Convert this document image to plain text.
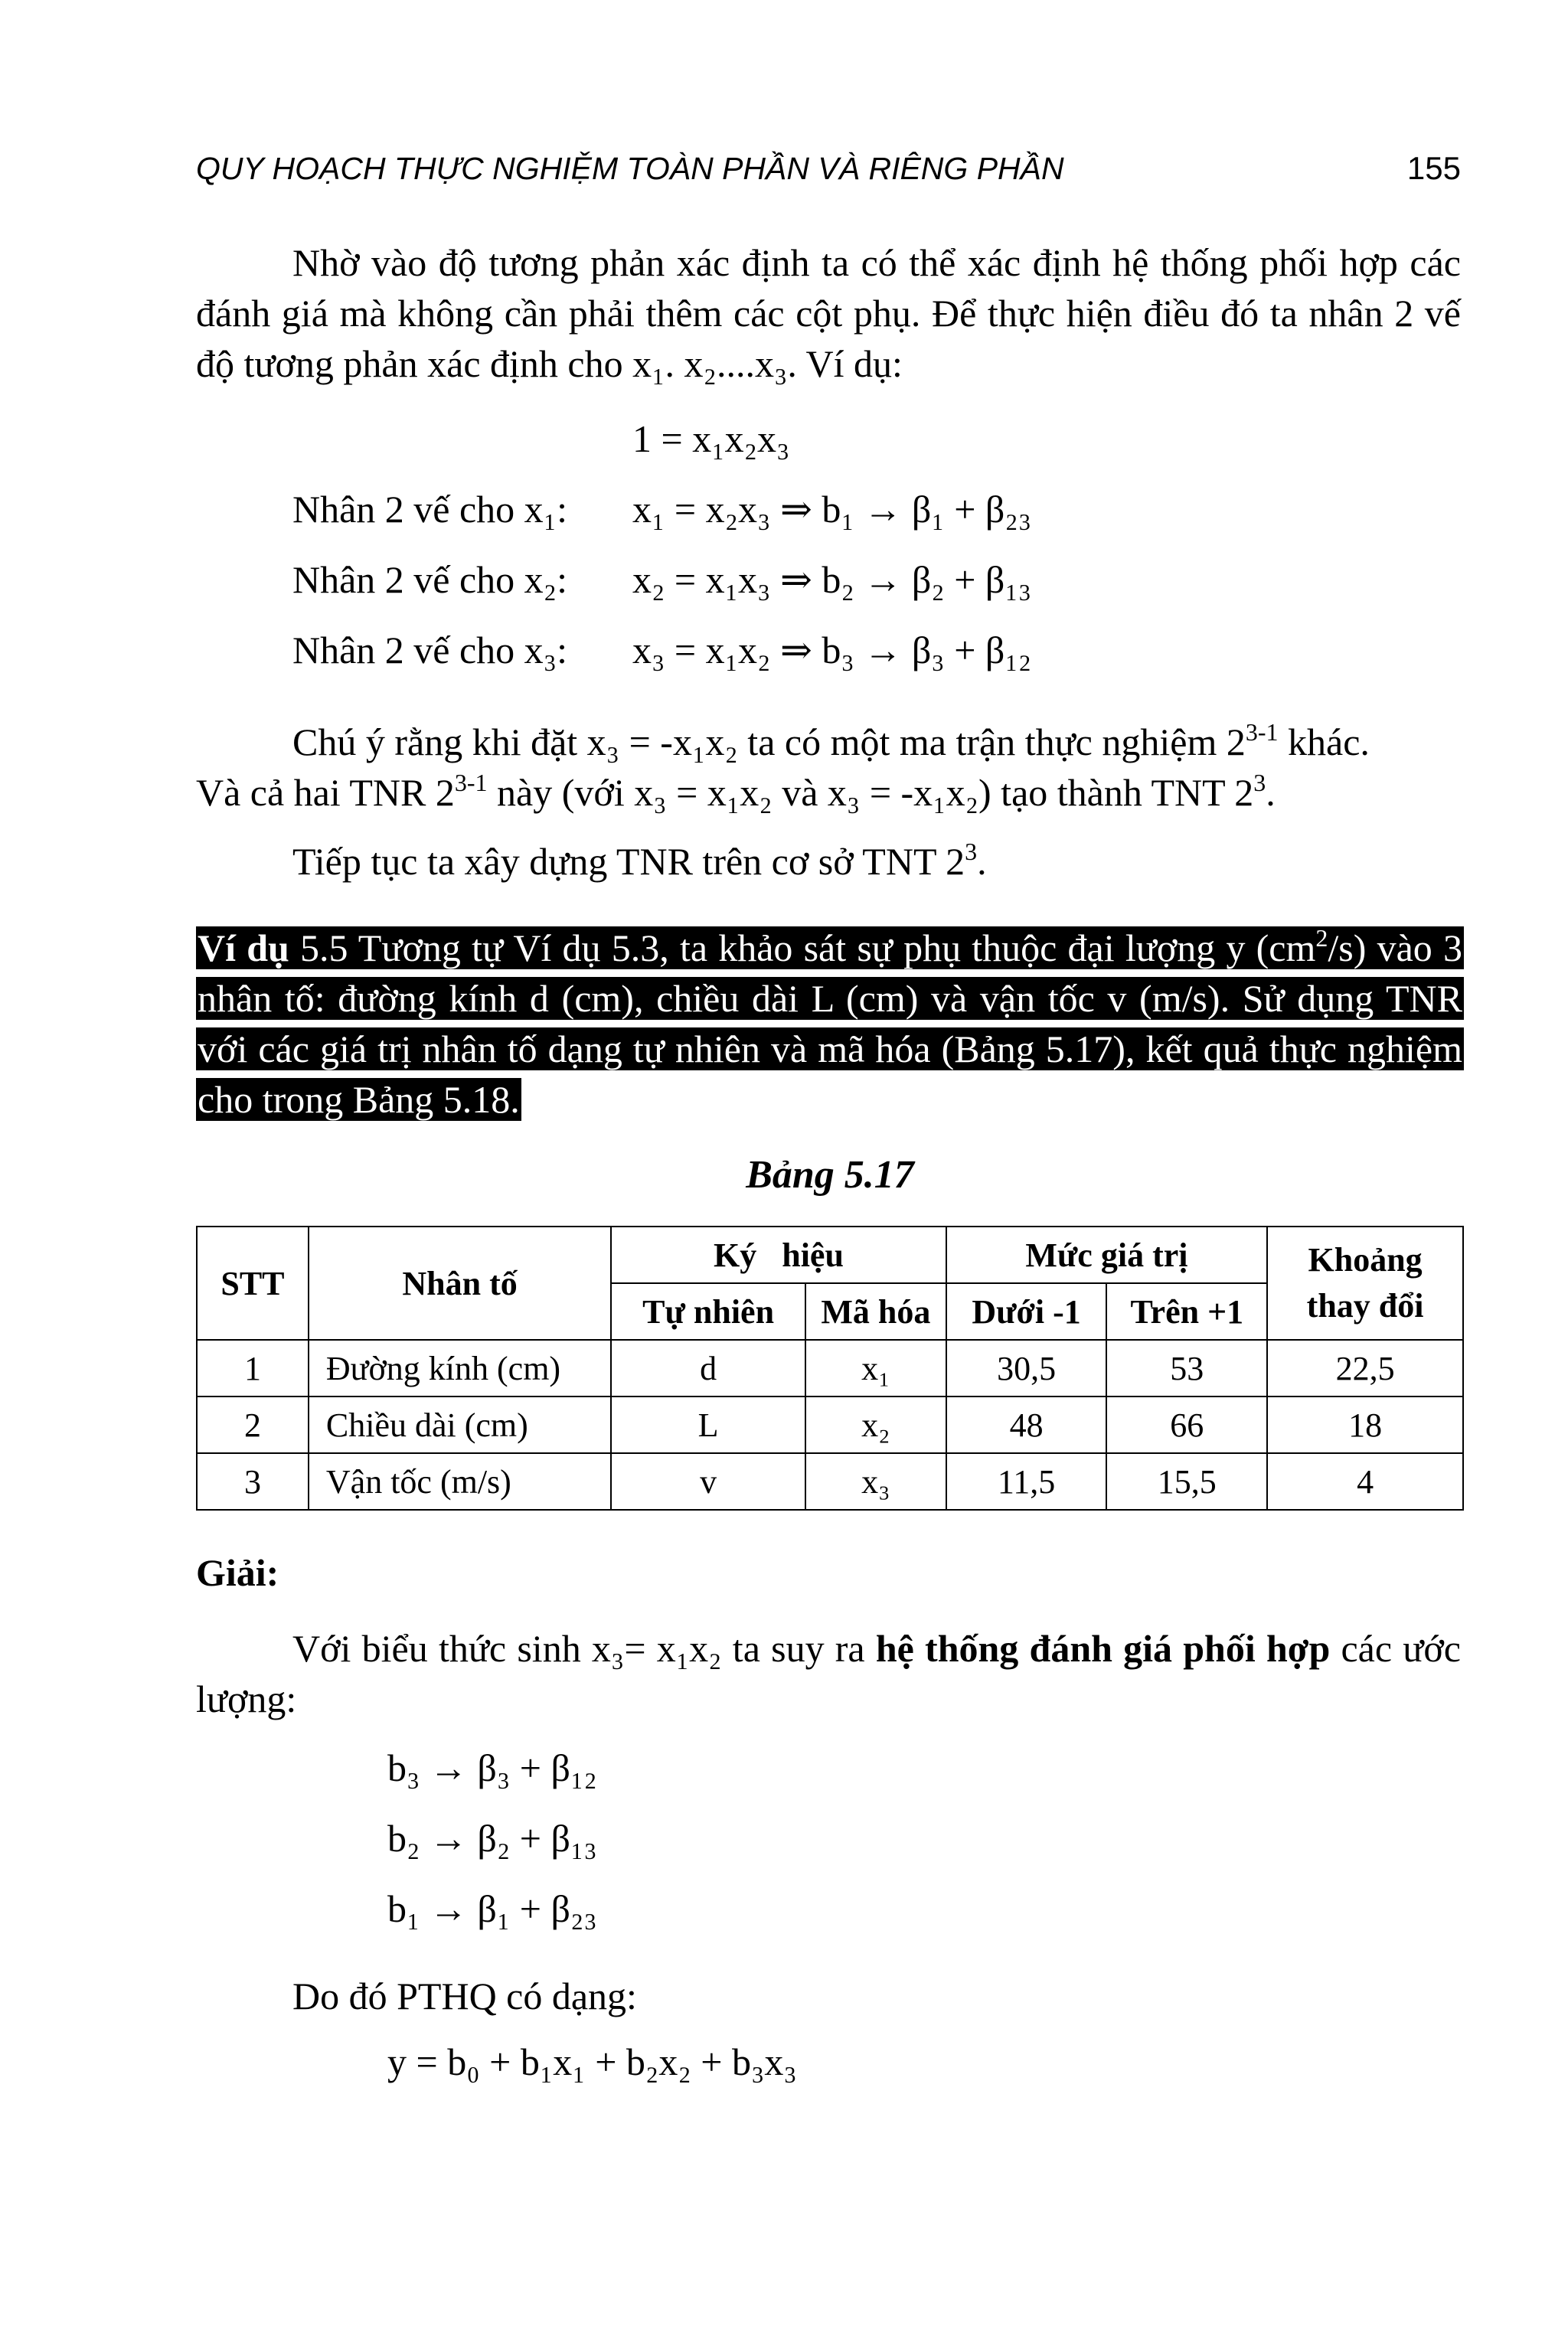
QUY HOẠCH THỰC NGHIỆM TOÀN PHẦN VÀ RIÊNG PHẦN	155

Nhờ vào độ tương phản xác định ta có thể xác định hệ thống phối hợp các đánh giá mà không cần phải thêm các cột phụ. Để thực hiện điều đó ta nhân 2 vế độ tương phản xác định cho x₁. x₂....x₃. Ví dụ:

1 = x₁x₂x₃
Nhân 2 vế cho x₁: x₁ = x₂x₃ ⇒ b₁ → β₁ + β₂₃
Nhân 2 vế cho x₂: x₂ = x₁x₃ ⇒ b₂ → β₂ + β₁₃
Nhân 2 vế cho x₃: x₃ = x₁x₂ ⇒ b₃ → β₃ + β₁₂
Chú ý rằng khi đặt x₃ = -x₁x₂ ta có một ma trận thực nghiệm 2$^{3-1}$ khác.
Và cả hai TNR 2$^{3-1}$ này (với x₃ = x₁x₂ và x₃ = -x₁x₂) tạo thành TNT $2^3$.
Tiếp tục ta xây dựng TNR trên cơ sở TNT $2^3$.

Ví dụ 5.5 Tương tự Ví dụ 5.3, ta khảo sát sự phụ thuộc đại lượng y $(cm^2/s)$ vào 3 nhân tố: đường kính d (cm), chiều dài L (cm) và vận tốc v (m/s). Sử dụng TNR với các giá trị nhân tố dạng tự nhiên và mã hóa (Bảng 5.17), kết quả thực nghiệm cho trong Bảng 5.18.

Bảng 5.17
STT	Nhân tố	Ký   hiệu		Mức giá trị		Khoảng thay đổi
		Tự nhiên	Mã hóa	Dưới -1	Trên +1	
1	Đường kính (cm)	d	x₁	30,5	53	22,5
2	Chiều dài (cm)	L	x₂	48	66	18
3	Vận tốc (m/s)	v	x₃	11,5	15,5	4
Giải:

Với biểu thức sinh x₃= x₁x₂ ta suy ra hệ thống đánh giá phối hợp các ước lượng:

b₃ → β₃ + β₁₂
b₂ → β₂ + β₁₃
b₁ → β₁ + β₂₃
Do đó PTHQ có dạng:
y = b₀ + b₁x₁ + b₂x₂ + b₃x₃
